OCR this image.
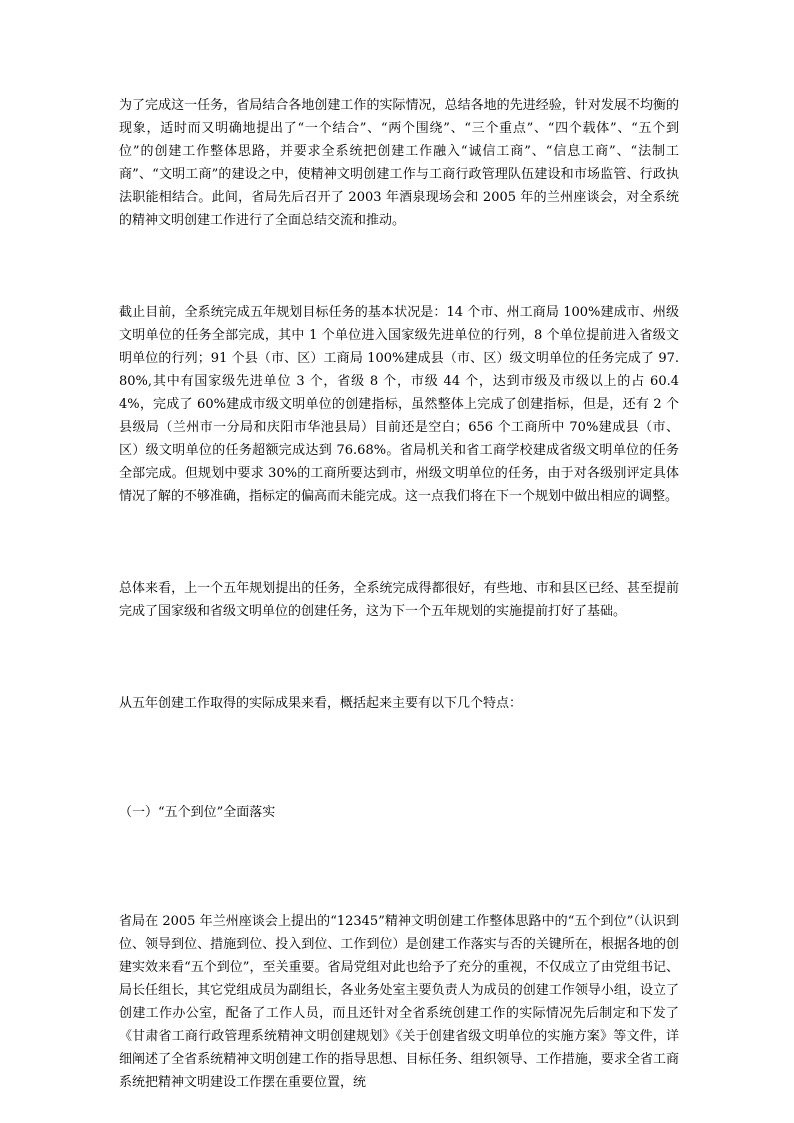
为了完成这一任务，省局结合各地创建工作的实际情况，总结各地的先进经验，针对发展不均衡的现象，适时而又明确地提出了“一个结合”、“两个围绕”、“三个重点”、“四个载体”、“五个到位”的创建工作整体思路，并要求全系统把创建工作融入“诚信工商”、“信息工商”、“法制工商”、“文明工商”的建设之中，使精神文明创建工作与工商行政管理队伍建设和市场监管、行政执法职能相结合。此间，省局先后召开了 2003 年酒泉现场会和 2005 年的兰州座谈会，对全系统的精神文明创建工作进行了全面总结交流和推动。

截止目前，全系统完成五年规划目标任务的基本状况是：14 个市、州工商局 100%建成市、州级文明单位的任务全部完成，其中 1 个单位进入国家级先进单位的行列，8 个单位提前进入省级文明单位的行列；91 个县（市、区）工商局 100%建成县（市、区）级文明单位的任务完成了 97.80%,其中有国家级先进单位 3 个，省级 8 个，市级 44 个，达到市级及市级以上的占 60.44%，完成了 60%建成市级文明单位的创建指标，虽然整体上完成了创建指标，但是，还有 2 个县级局（兰州市一分局和庆阳市华池县局）目前还是空白；656 个工商所中 70%建成县（市、区）级文明单位的任务超额完成达到 76.68%。省局机关和省工商学校建成省级文明单位的任务全部完成。但规划中要求 30%的工商所要达到市，州级文明单位的任务，由于对各级别评定具体情况了解的不够准确，指标定的偏高而未能完成。这一点我们将在下一个规划中做出相应的调整。

总体来看，上一个五年规划提出的任务，全系统完成得都很好，有些地、市和县区已经、甚至提前完成了国家级和省级文明单位的创建任务，这为下一个五年规划的实施提前打好了基础。

从五年创建工作取得的实际成果来看，概括起来主要有以下几个特点：

（一）“五个到位”全面落实

省局在 2005 年兰州座谈会上提出的“12345”精神文明创建工作整体思路中的“五个到位”（认识到位、领导到位、措施到位、投入到位、工作到位）是创建工作落实与否的关键所在，根据各地的创建实效来看“五个到位”，至关重要。省局党组对此也给予了充分的重视，不仅成立了由党组书记、局长任组长，其它党组成员为副组长，各业务处室主要负责人为成员的创建工作领导小组，设立了创建工作办公室，配备了工作人员，而且还针对全省系统创建工作的实际情况先后制定和下发了《甘肃省工商行政管理系统精神文明创建规划》《关于创建省级文明单位的实施方案》等文件，详细阐述了全省系统精神文明创建工作的指导思想、目标任务、组织领导、工作措施，要求全省工商系统把精神文明建设工作摆在重要位置，统
